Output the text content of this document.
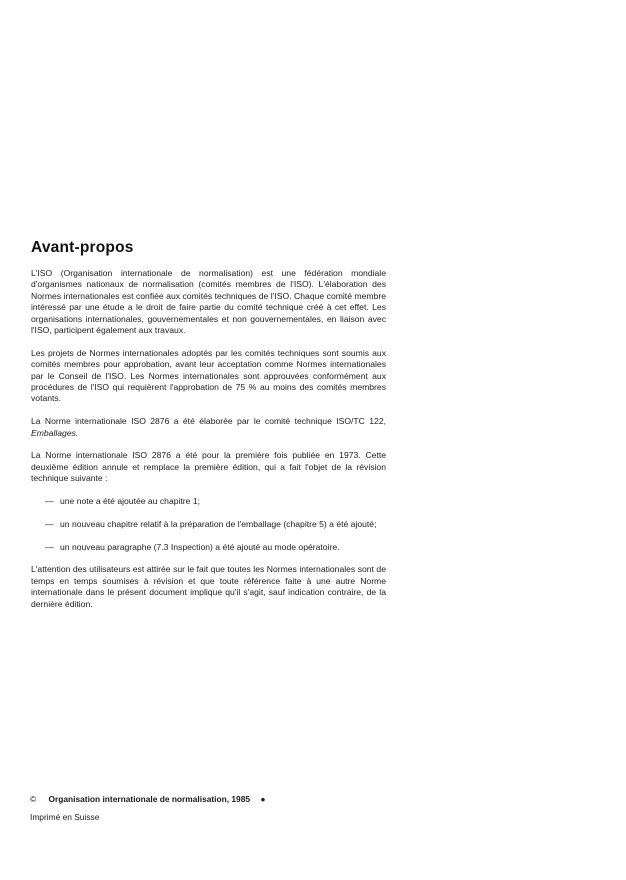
Avant-propos

L'ISO (Organisation internationale de normalisation) est une fédération mondiale d'organismes nationaux de normalisation (comités membres de l'ISO). L'élaboration des Normes internationales est confiée aux comités techniques de l'ISO. Chaque comité membre intéressé par une étude a le droit de faire partie du comité technique créé à cet effet. Les organisations internationales, gouvernementales et non gouvernementales, en liaison avec l'ISO, participent également aux travaux.

Les projets de Normes internationales adoptés par les comités techniques sont soumis aux comités membres pour approbation, avant leur acceptation comme Normes internationales par le Conseil de l'ISO. Les Normes internationales sont approuvées conformément aux procédures de l'ISO qui requièrent l'approbation de 75 % au moins des comités membres votants.

La Norme internationale ISO 2876 a été élaborée par le comité technique ISO/TC 122, Emballages.

La Norme internationale ISO 2876 a été pour la première fois publiée en 1973. Cette deuxième édition annule et remplace la première édition, qui a fait l'objet de la révision technique suivante :

— une note a été ajoutée au chapitre 1;
— un nouveau chapitre relatif à la préparation de l'emballage (chapitre 5) a été ajouté;
— un nouveau paragraphe (7.3 Inspection) a été ajouté au mode opératoire.

L'attention des utilisateurs est attirée sur le fait que toutes les Normes internationales sont de temps en temps soumises à révision et que toute référence faite à une autre Norme internationale dans le présent document implique qu'il s'agit, sauf indication contraire, de la dernière édition.

© Organisation internationale de normalisation, 1985 ●
Imprimé en Suisse
